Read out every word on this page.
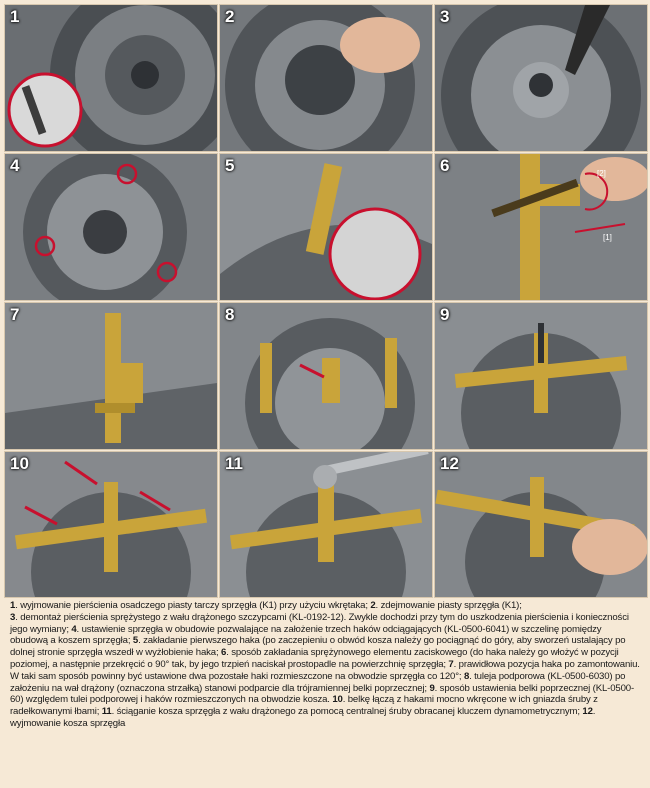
1	2	3
4	5	[2]
[1]
6
7	8	9
10	11	12
1. wyjmowanie pierścienia osadczego piasty tarczy sprzęgła (K1) przy użyciu wkrętaka; 2. zdejmowanie piasty sprzęgła (K1);
3. demontaż pierścienia sprężystego z wału drążonego szczypcami (KL-0192-12). Zwykle dochodzi przy tym do uszkodzenia pierścienia i konieczności jego wymiany; 4. ustawienie sprzęgła w obudowie pozwalające na założenie trzech haków odciągających (KL-0500-6041) w szczelinę pomiędzy obudową a koszem sprzęgła; 5. zakładanie pierwszego haka (po zaczepieniu o obwód kosza należy go pociągnąć do góry, aby sworzeń ustalający po dolnej stronie sprzęgła wszedł w wyżłobienie haka; 6. sposób zakładania sprężynowego elementu zaciskowego (do haka należy go włożyć w pozycji poziomej, a następnie przekręcić o 90° tak, by jego trzpień naciskał prostopadle na powierzchnię sprzęgła; 7. prawidłowa pozycja haka po zamontowaniu. W taki sam sposób powinny być ustawione dwa pozostałe haki rozmieszczone na obwodzie sprzęgła co 120°; 8. tuleja podporowa (KL-0500-6030) po założeniu na wał drążony (oznaczona strzałką) stanowi podparcie dla trójramiennej belki poprzecznej; 9. sposób ustawienia belki poprzecznej (KL-0500-60) względem tulei podporowej i haków rozmieszczonych na obwodzie kosza. 10. belkę łączą z hakami mocno wkręcone w ich gniazda śruby z radełkowanymi łbami; 11. ściąganie kosza sprzęgła z wału drążonego za pomocą centralnej śruby obracanej kluczem dynamometrycznym; 12. wyjmowanie kosza sprzęgła
